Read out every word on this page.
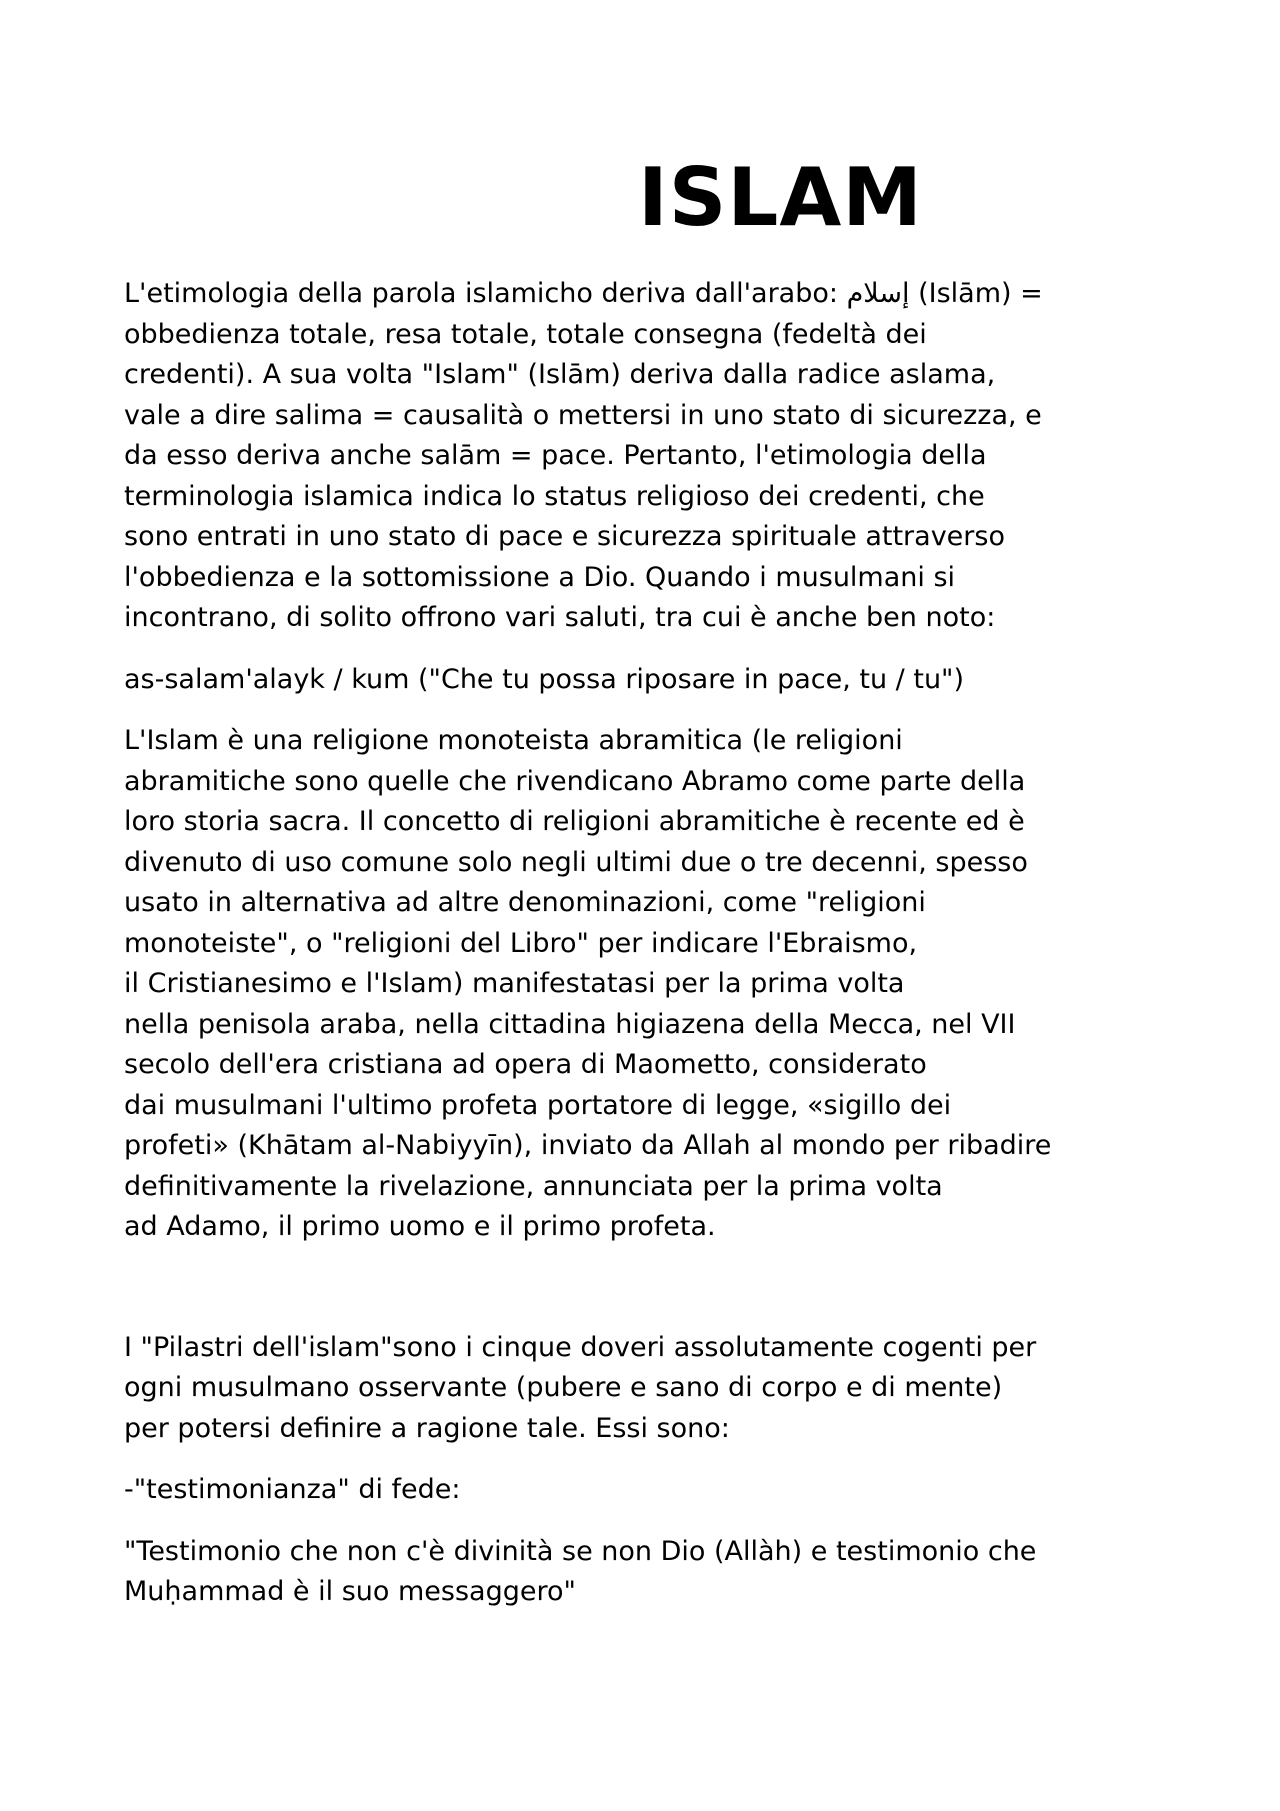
ISLAM

L'etimologia della parola islamicho deriva dall'arabo: إسلام (Islām) =
obbedienza totale, resa totale, totale consegna (fedeltà dei
credenti). A sua volta "Islam" (Islām) deriva dalla radice aslama,
vale a dire salima = causalità o mettersi in uno stato di sicurezza, e
da esso deriva anche salām = pace. Pertanto, l'etimologia della
terminologia islamica indica lo status religioso dei credenti, che
sono entrati in uno stato di pace e sicurezza spirituale attraverso
l'obbedienza e la sottomissione a Dio. Quando i musulmani si
incontrano, di solito offrono vari saluti, tra cui è anche ben noto:

as-salam'alayk / kum ("Che tu possa riposare in pace, tu / tu")

L'Islam è una religione monoteista abramitica (le religioni
abramitiche sono quelle che rivendicano Abramo come parte della
loro storia sacra. Il concetto di religioni abramitiche è recente ed è
divenuto di uso comune solo negli ultimi due o tre decenni, spesso
usato in alternativa ad altre denominazioni, come "religioni
monoteiste", o "religioni del Libro" per indicare l'Ebraismo,
il Cristianesimo e l'Islam) manifestatasi per la prima volta
nella penisola araba, nella cittadina higiazena della Mecca, nel VII
secolo dell'era cristiana ad opera di Maometto, considerato
dai musulmani l'ultimo profeta portatore di legge, «sigillo dei
profeti» (Khātam al-Nabiyyīn), inviato da Allah al mondo per ribadire
definitivamente la rivelazione, annunciata per la prima volta
ad Adamo, il primo uomo e il primo profeta.

I "Pilastri dell'islam"sono i cinque doveri assolutamente cogenti per
ogni musulmano osservante (pubere e sano di corpo e di mente)
per potersi definire a ragione tale. Essi sono:

-"testimonianza" di fede:

"Testimonio che non c'è divinità se non Dio (Allàh) e testimonio che
Muḥammad è il suo messaggero"
